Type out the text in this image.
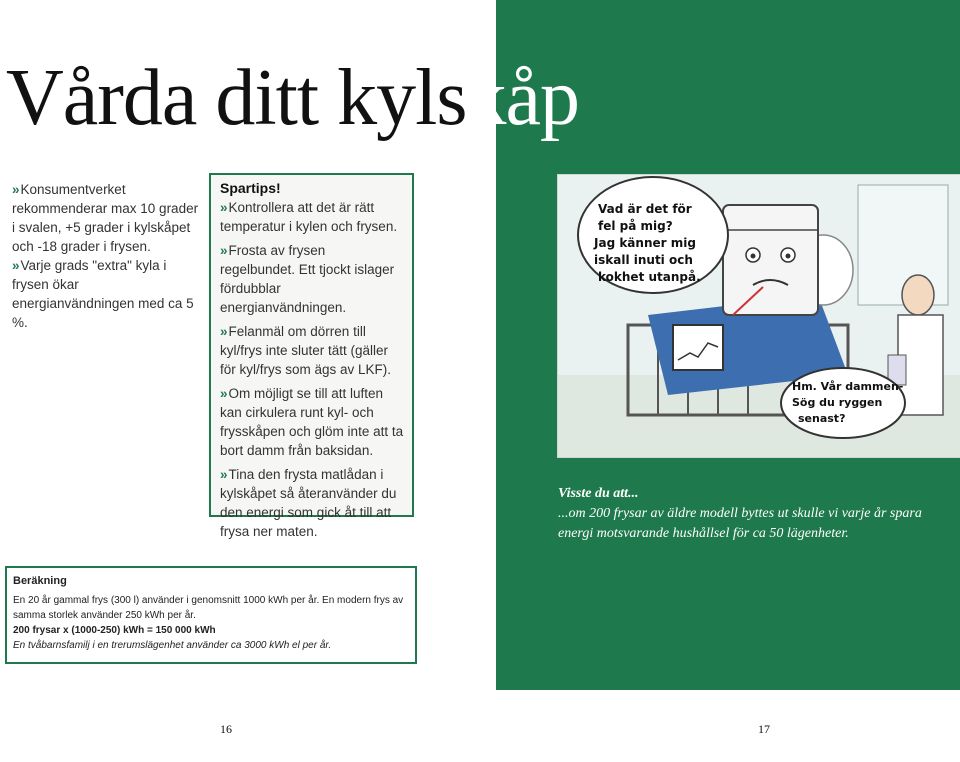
Vårda ditt kylskåp

»Konsumentverket rekommenderar max 10 grader i svalen, +5 grader i kylskåpet och -18 grader i frysen.

»Varje grads "extra" kyla i frysen ökar energianvändningen med ca 5 %.

Spartips!

»Kontrollera att det är rätt temperatur i kylen och frysen.

»Frosta av frysen regelbundet. Ett tjockt islager fördubblar energianvändningen.

»Felanmäl om dörren till kyl/frys inte sluter tätt (gäller för kyl/frys som ägs av LKF).

»Om möjligt se till att luften kan cirkulera runt kyl- och frysskåpen och glöm inte att ta bort damm från baksidan.

»Tina den frysta matlådan i kylskåpet så återanvänder du den energi som gick åt till att frysa ner maten.

Vad är det för
fel på mig?
Jag känner mig
iskall inuti och
kokhet utanpå.
Hm. Vår dammen-
Sög du ryggen
senast?
Visste du att...
...om 200 frysar av äldre modell byttes ut skulle vi varje år spara energi motsvarande hushållsel för ca 50 lägenheter.
Beräkning

En 20 år gammal frys (300 l) använder i genomsnitt 1000 kWh per år. En modern frys av samma storlek använder 250 kWh per år.

200 frysar x (1000-250) kWh = 150 000 kWh

En tvåbarnsfamilj i en trerumslägenhet använder ca 3000 kWh el per år.

16	17
